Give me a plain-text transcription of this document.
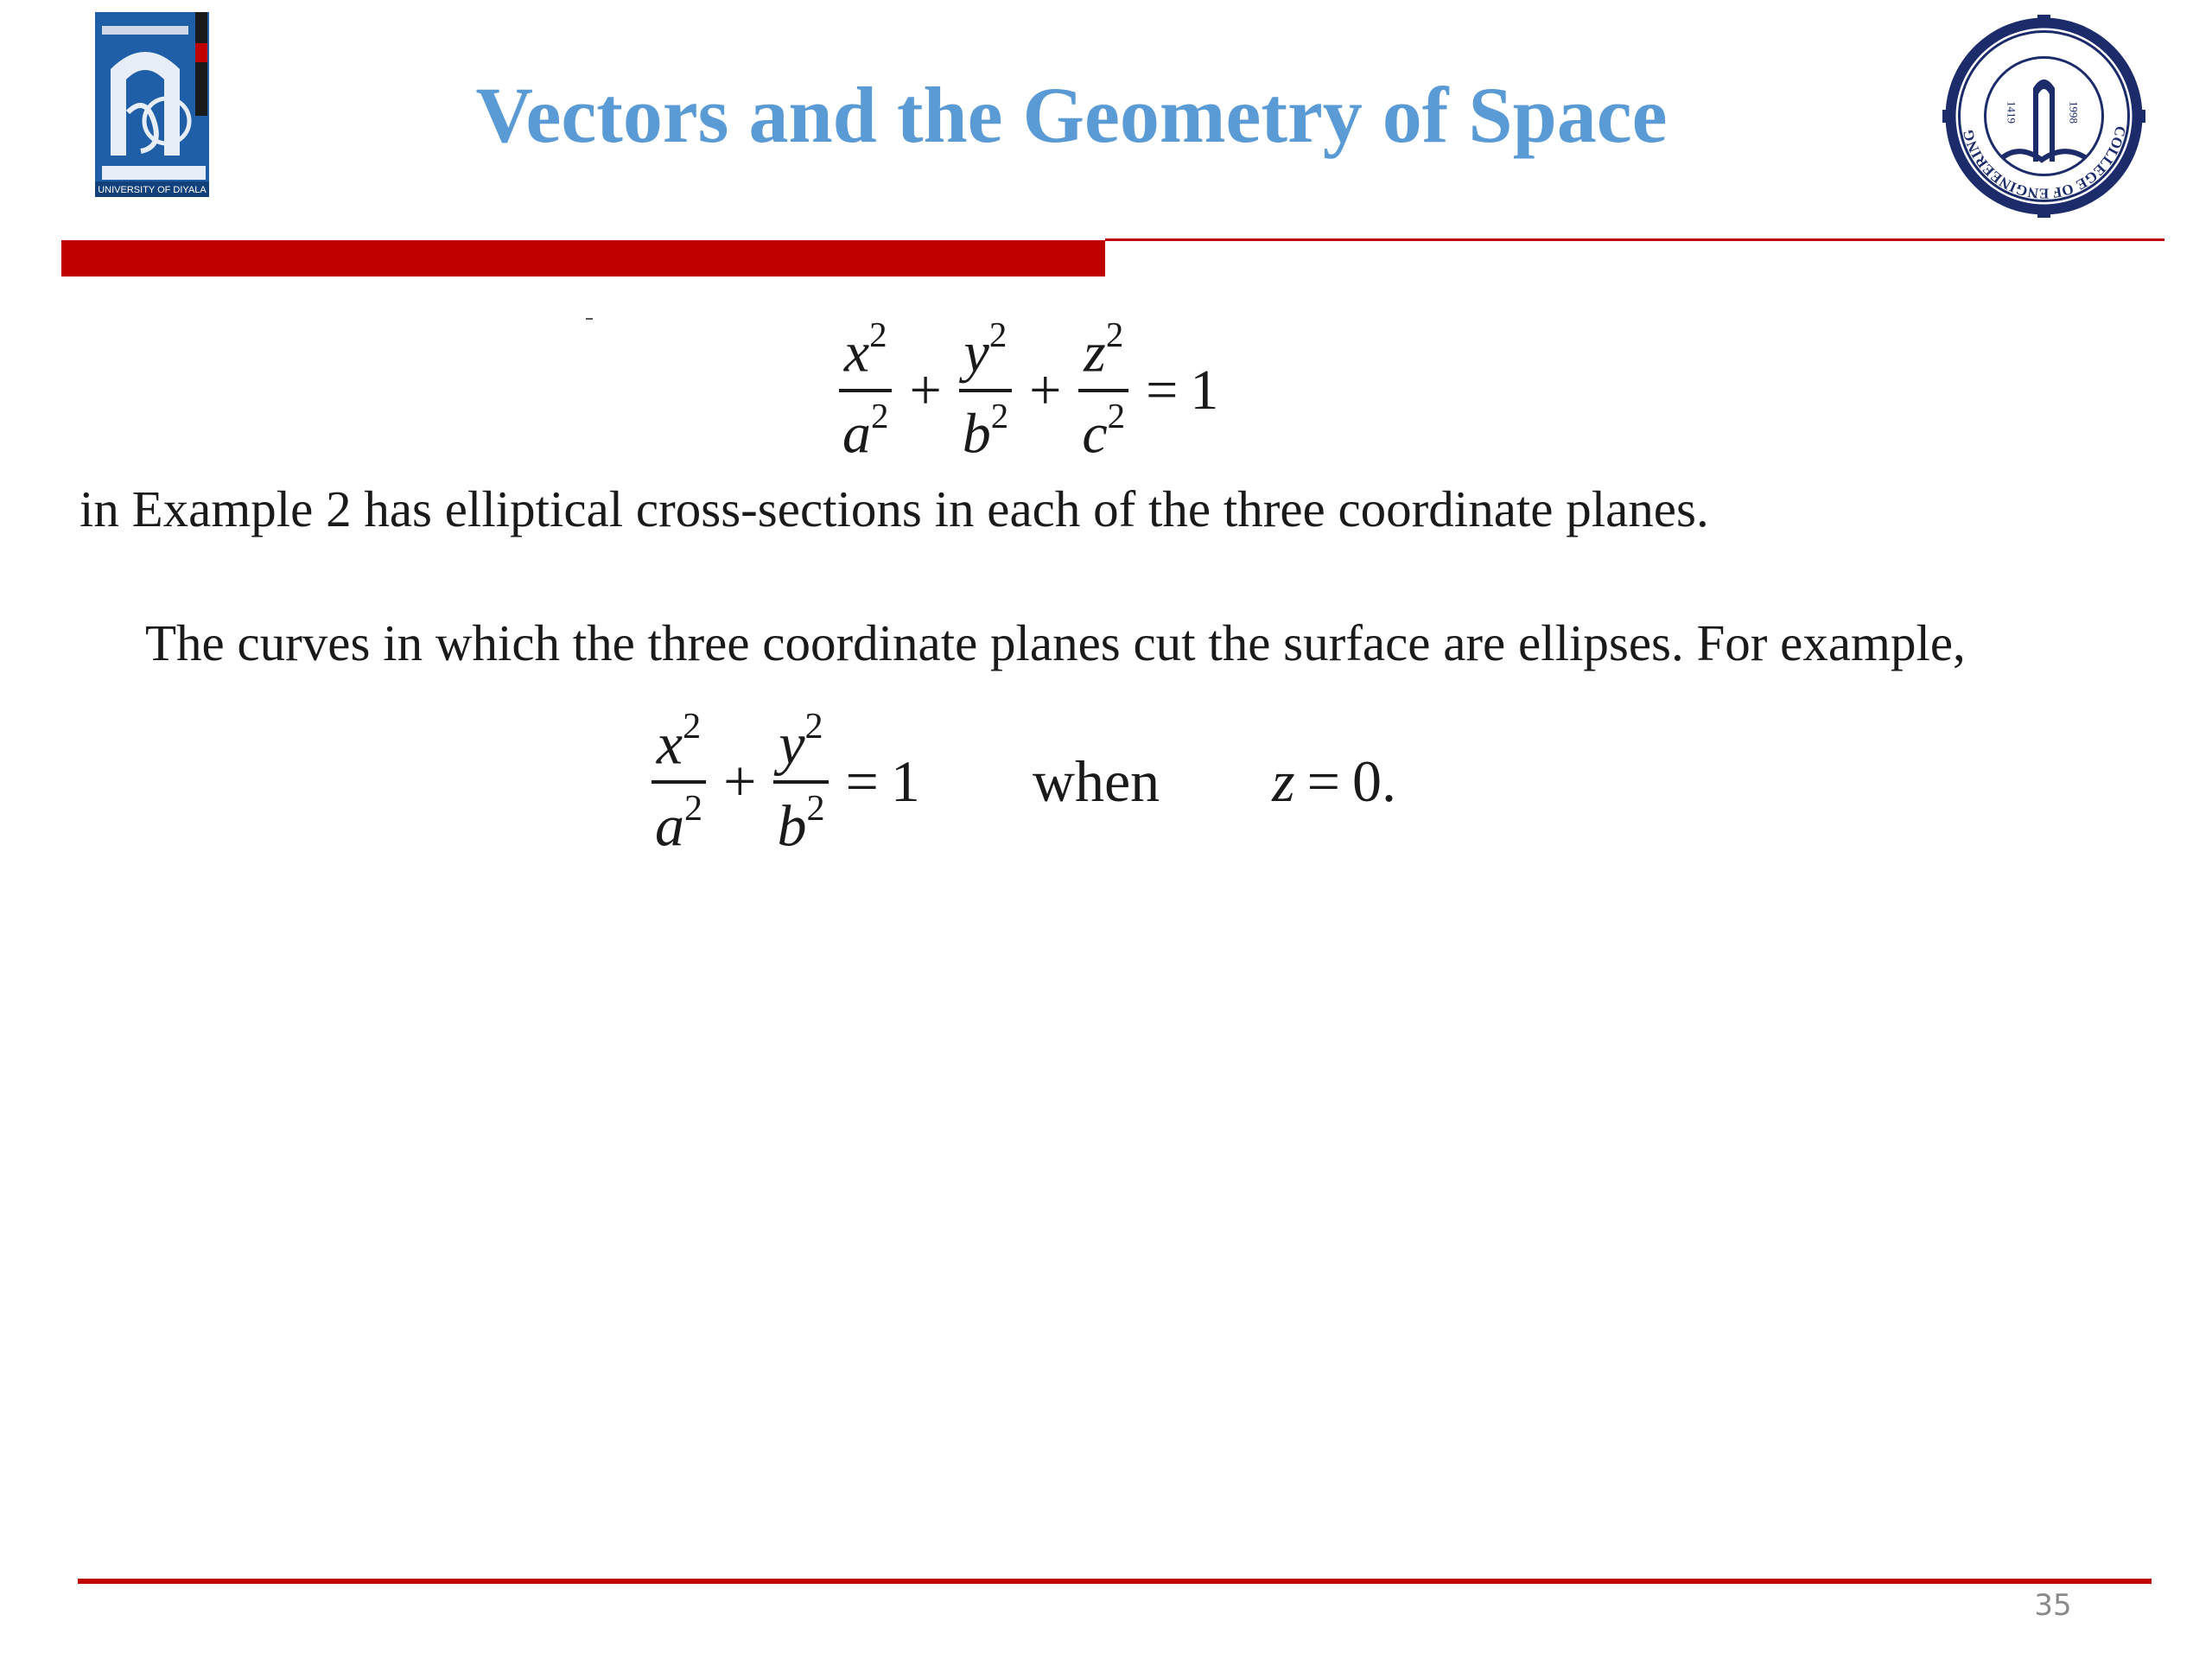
UNIVERSITY OF DIYALA
Vectors and the Geometry of Space	COLLEGE OF ENGINEERING
1419	1998
$\frac{x^2}{a^2} + \frac{y^2}{b^2} + \frac{z^2}{c^2} = 1$
in Example 2 has elliptical cross-sections in each of the three coordinate planes.
The curves in which the three coordinate planes cut the surface are ellipses. For example,
$\frac{x^2}{a^2} + \frac{y^2}{b^2} = 1$ when z = 0.
35
